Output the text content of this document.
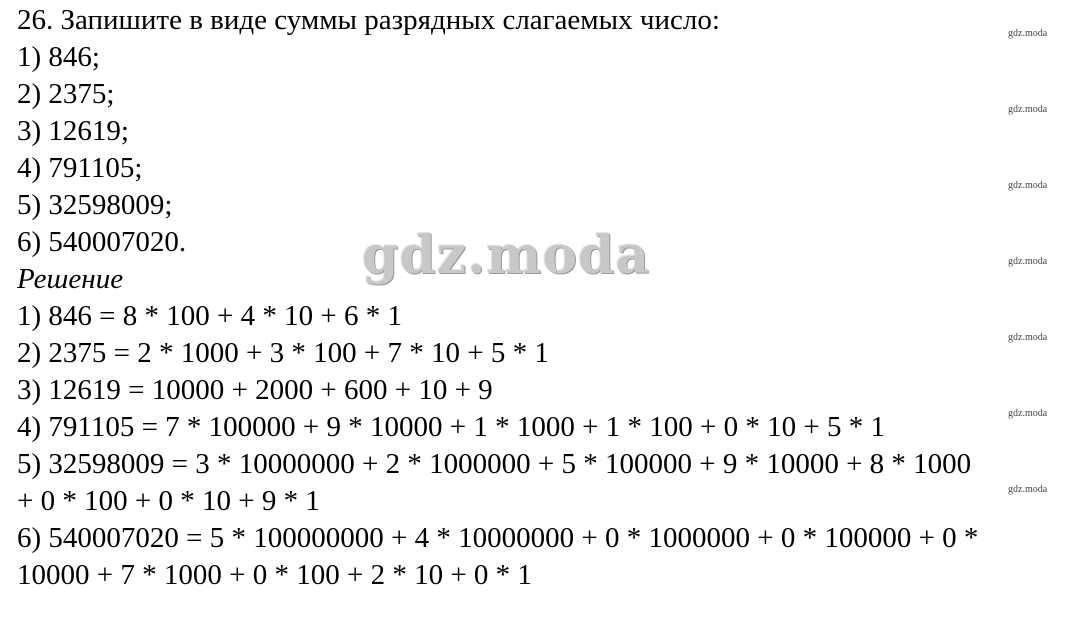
26. Запишите в виде суммы разрядных слагаемых число:
1) 846;
2) 2375;
3) 12619;
4) 791105;
5) 32598009;
6) 540007020.
Решение
1) 846 = 8 * 100 + 4 * 10 + 6 * 1
2) 2375 = 2 * 1000 + 3 * 100 + 7 * 10 + 5 * 1
3) 12619 = 10000 + 2000 + 600 + 10 + 9
4) 791105 = 7 * 100000 + 9 * 10000 + 1 * 1000 + 1 * 100 + 0 * 10 + 5 * 1
5) 32598009 = 3 * 10000000 + 2 * 1000000 + 5 * 100000 + 9 * 10000 + 8 * 1000
+ 0 * 100 + 0 * 10 + 9 * 1
6) 540007020 = 5 * 100000000 + 4 * 10000000 + 0 * 1000000 + 0 * 100000 + 0 *
10000 + 7 * 1000 + 0 * 100 + 2 * 10 + 0 * 1
gdz.moda
gdz.moda
gdz.moda
gdz.moda
gdz.moda
gdz.moda
gdz.moda
gdz.moda
